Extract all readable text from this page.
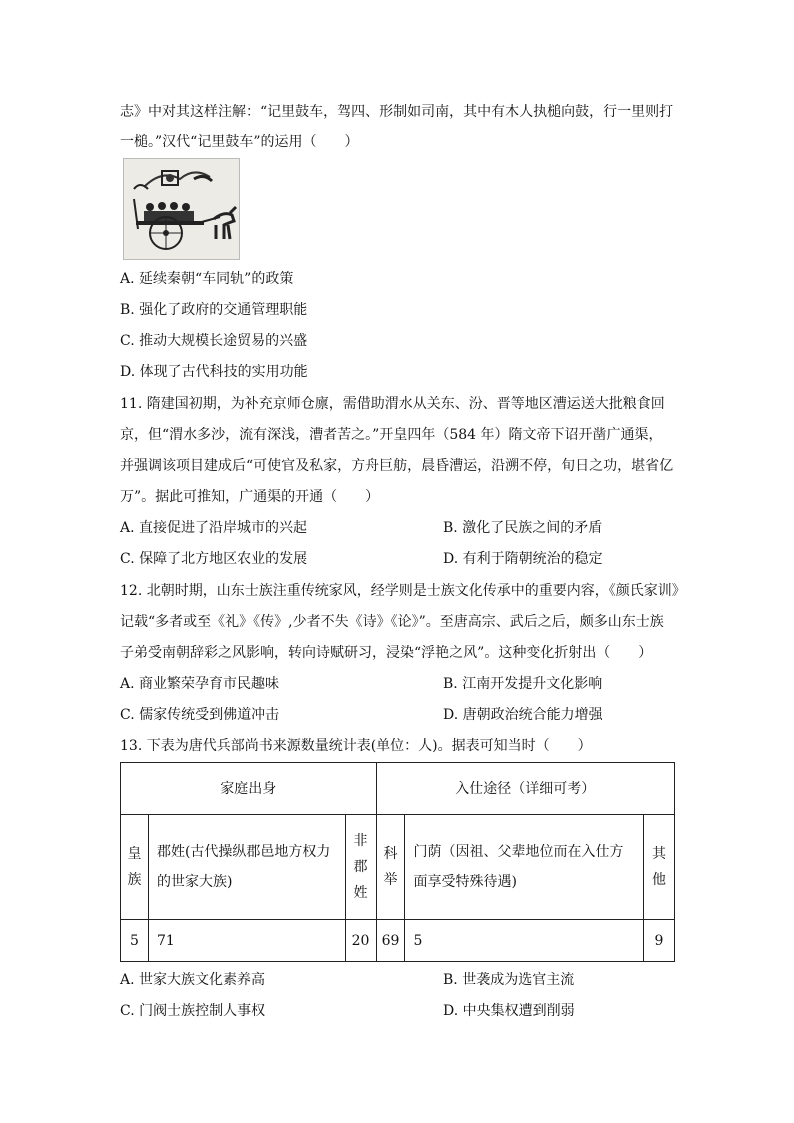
志》中对其这样注解：“记里鼓车，驾四、形制如司南，其中有木人执槌向鼓，行一里则打
一槌。”汉代“记里鼓车”的运用（　　）
A. 延续秦朝“车同轨”的政策
B. 强化了政府的交通管理职能
C. 推动大规模长途贸易的兴盛
D. 体现了古代科技的实用功能
11. 隋建国初期，为补充京师仓廪，需借助渭水从关东、汾、晋等地区漕运送大批粮食回
京，但“渭水多沙，流有深浅，漕者苦之。”开皇四年（584 年）隋文帝下诏开凿广通渠，
并强调该项目建成后“可使官及私家，方舟巨舫，晨昏漕运，沿溯不停，旬日之功，堪省亿
万”。据此可推知，广通渠的开通（　　）
A. 直接促进了沿岸城市的兴起	B. 激化了民族之间的矛盾
C. 保障了北方地区农业的发展	D. 有利于隋朝统治的稳定
12. 北朝时期，山东士族注重传统家风，经学则是士族文化传承中的重要内容，《颜氏家训》
记载“多者或至《礼》《传》,少者不失《诗》《论》”。至唐高宗、武后之后，颇多山东士族
子弟受南朝辞彩之风影响，转向诗赋研习，浸染“浮艳之风”。这种变化折射出（　　）
A. 商业繁荣孕育市民趣味	B. 江南开发提升文化影响
C. 儒家传统受到佛道冲击	D. 唐朝政治统合能力增强
13. 下表为唐代兵部尚书来源数量统计表(单位：人)。据表可知当时（　　）
家庭出身			入仕途径（详细可考）		

皇族	郡姓(古代操纵郡邑地方权力的世家大族)	非郡姓	科举	门荫（因祖、父辈地位而在入仕方面享受特殊待遇)	其他

5	71	20	69	5	9
A. 世家大族文化素养高	B. 世袭成为选官主流
C. 门阀士族控制人事权	D. 中央集权遭到削弱
